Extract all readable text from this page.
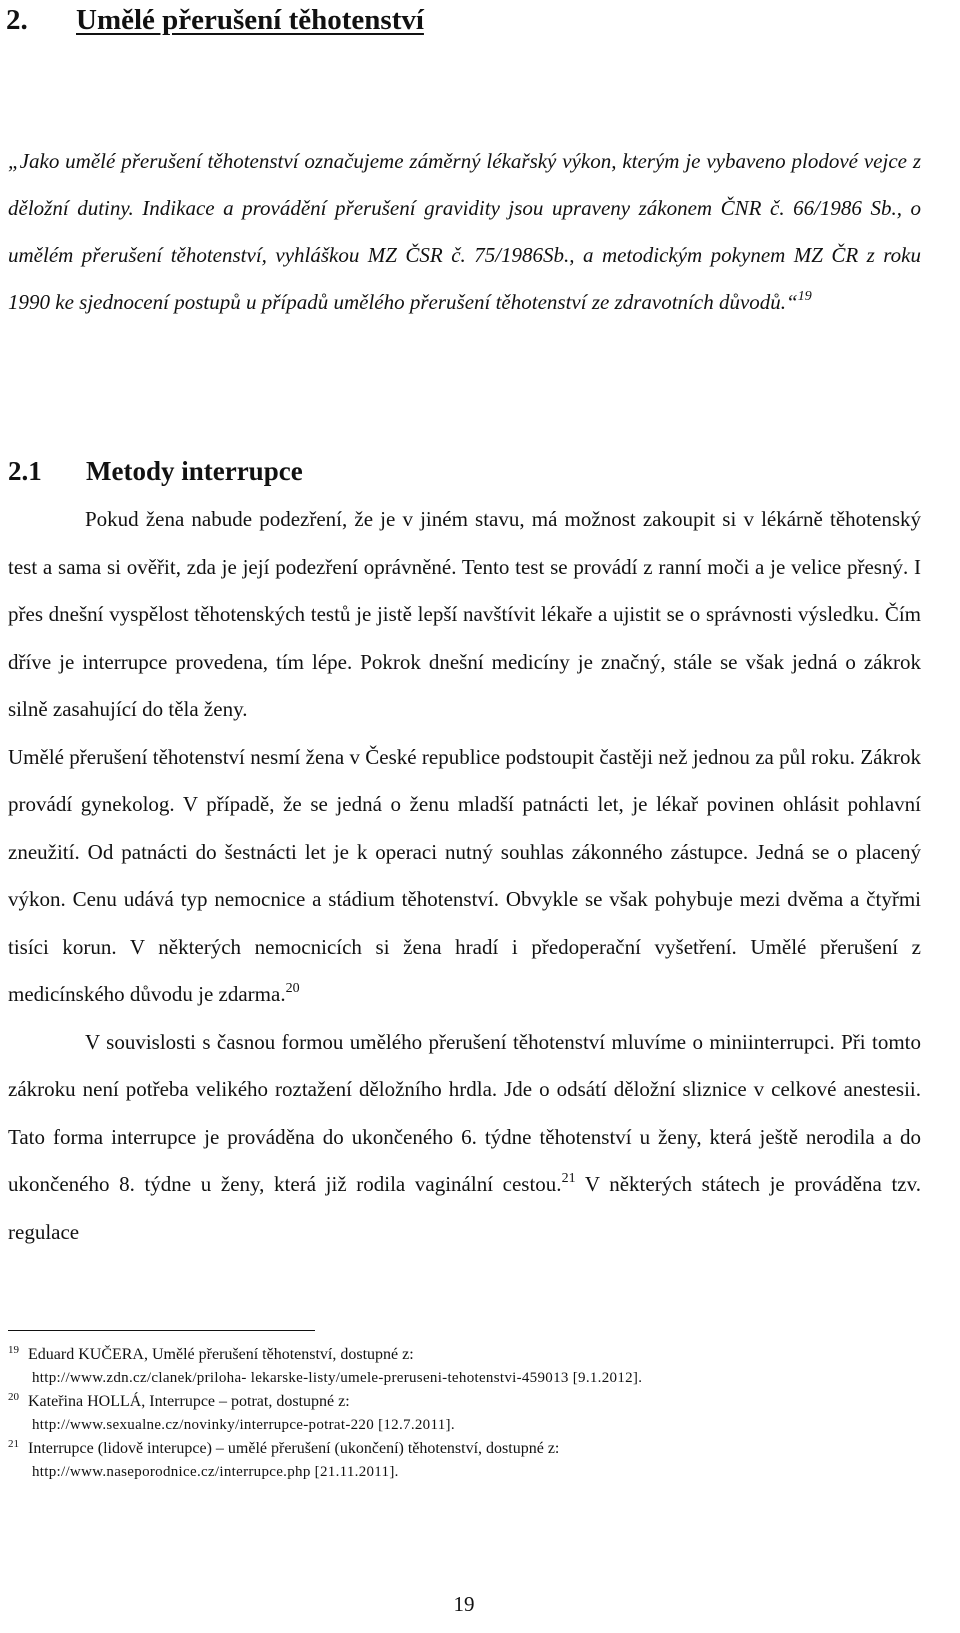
2. Umělé přerušení těhotenství
„Jako umělé přerušení těhotenství označujeme záměrný lékařský výkon, kterým je vybaveno plodové vejce z děložní dutiny. Indikace a provádění přerušení gravidity jsou upraveny zákonem ČNR č. 66/1986 Sb., o umělém přerušení těhotenství, vyhláškou MZ ČSR č. 75/1986Sb., a metodickým pokynem MZ ČR z roku 1990 ke sjednocení postupů u případů umělého přerušení těhotenství ze zdravotních důvodů.“$^{19}$
2.1 Metody interrupce

Pokud žena nabude podezření, že je v jiném stavu, má možnost zakoupit si v lékárně těhotenský test a sama si ověřit, zda je její podezření oprávněné. Tento test se provádí z ranní moči a je velice přesný. I přes dnešní vyspělost těhotenských testů je jistě lepší navštívit lékaře a ujistit se o správnosti výsledku. Čím dříve je interrupce provedena, tím lépe. Pokrok dnešní medicíny je značný, stále se však jedná o zákrok silně zasahující do těla ženy.

Umělé přerušení těhotenství nesmí žena v České republice podstoupit častěji než jednou za půl roku. Zákrok provádí gynekolog. V případě, že se jedná o ženu mladší patnácti let, je lékař povinen ohlásit pohlavní zneužití. Od patnácti do šestnácti let je k operaci nutný souhlas zákonného zástupce. Jedná se o placený výkon. Cenu udává typ nemocnice a stádium těhotenství. Obvykle se však pohybuje mezi dvěma a čtyřmi tisíci korun. V některých nemocnicích si žena hradí i předoperační vyšetření. Umělé přerušení z medicínského důvodu je zdarma.$^{20}$

V souvislosti s časnou formou umělého přerušení těhotenství mluvíme o miniinterrupci. Při tomto zákroku není potřeba velikého roztažení děložního hrdla. Jde o odsátí děložní sliznice v celkové anestesii. Tato forma interrupce je prováděna do ukončeného 6. týdne těhotenství u ženy, která ještě nerodila a do ukončeného 8. týdne u ženy, která již rodila vaginální cestou.$^{21}$ V některých státech je prováděna tzv. regulace

19 Eduard KUČERA, Umělé přerušení těhotenství, dostupné z:
http://www.zdn.cz/clanek/priloha- lekarske-listy/umele-preruseni-tehotenstvi-459013 [9.1.2012].
20 Kateřina HOLLÁ, Interrupce – potrat, dostupné z:
http://www.sexualne.cz/novinky/interrupce-potrat-220 [12.7.2011].
21 Interrupce (lidově interupce) – umělé přerušení (ukončení) těhotenství, dostupné z:
http://www.naseporodnice.cz/interrupce.php [21.11.2011].
19
